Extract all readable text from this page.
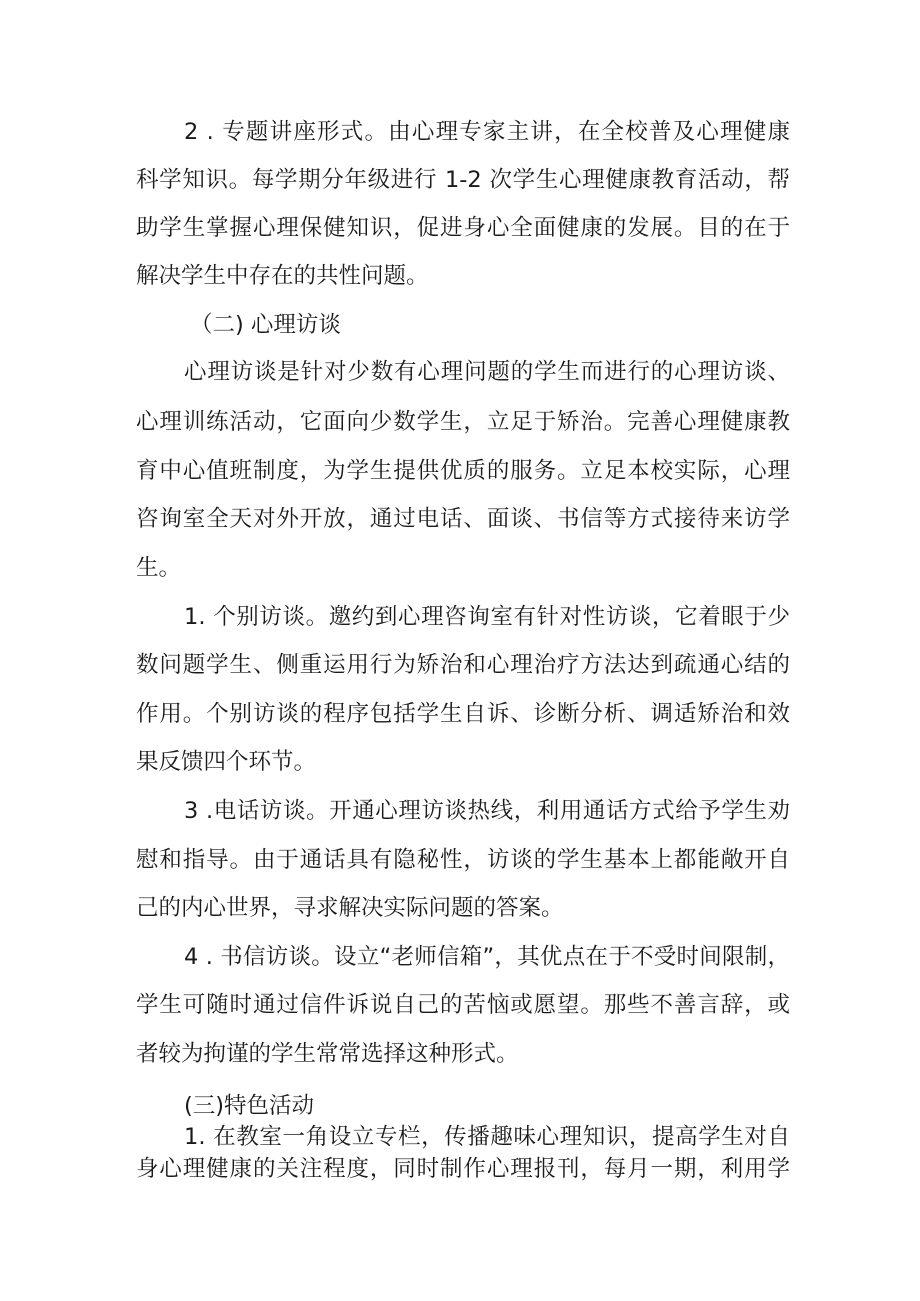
2 . 专题讲座形式。由心理专家主讲，在全校普及心理健康
科学知识。每学期分年级进行 1-2 次学生心理健康教育活动，帮
助学生掌握心理保健知识，促进身心全面健康的发展。目的在于
解决学生中存在的共性问题。
（二) 心理访谈
心理访谈是针对少数有心理问题的学生而进行的心理访谈、
心理训练活动，它面向少数学生，立足于矫治。完善心理健康教
育中心值班制度，为学生提供优质的服务。立足本校实际，心理
咨询室全天对外开放，通过电话、面谈、书信等方式接待来访学
生。
1. 个别访谈。邀约到心理咨询室有针对性访谈，它着眼于少
数问题学生、侧重运用行为矫治和心理治疗方法达到疏通心结的
作用。个别访谈的程序包括学生自诉、诊断分析、调适矫治和效
果反馈四个环节。
3 .电话访谈。开通心理访谈热线，利用通话方式给予学生劝
慰和指导。由于通话具有隐秘性，访谈的学生基本上都能敞开自
己的内心世界，寻求解决实际问题的答案。
4 . 书信访谈。设立“老师信箱”，其优点在于不受时间限制，
学生可随时通过信件诉说自己的苦恼或愿望。那些不善言辞，或
者较为拘谨的学生常常选择这种形式。
(三)特色活动
1. 在教室一角设立专栏，传播趣味心理知识，提高学生对自
身心理健康的关注程度，同时制作心理报刊，每月一期，利用学
